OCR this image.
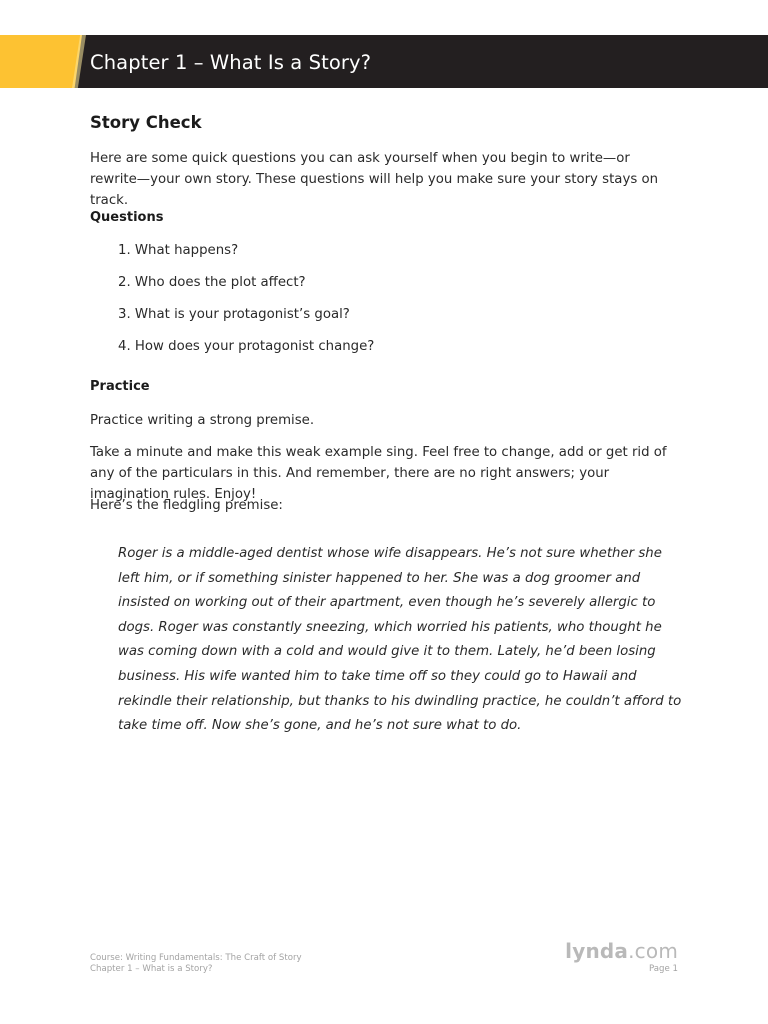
Chapter 1 – What Is a Story?
Story Check

Here are some quick questions you can ask yourself when you begin to write—or rewrite—your own story. These questions will help you make sure your story stays on track.

Questions
1. What happens?
2. Who does the plot affect?
3. What is your protagonist’s goal?
4. How does your protagonist change?
Practice

Practice writing a strong premise.

Take a minute and make this weak example sing. Feel free to change, add or get rid of any of the particulars in this. And remember, there are no right answers; your imagination rules. Enjoy!

Here’s the fledgling premise:

Roger is a middle-aged dentist whose wife disappears. He’s not sure whether she left him, or if something sinister happened to her. She was a dog groomer and insisted on working out of their apartment, even though he’s severely allergic to dogs. Roger was constantly sneezing, which worried his patients, who thought he was coming down with a cold and would give it to them. Lately, he’d been losing business. His wife wanted him to take time off so they could go to Hawaii and rekindle their relationship, but thanks to his dwindling practice, he couldn’t afford to take time off. Now she’s gone, and he’s not sure what to do.

Course: Writing Fundamentals: The Craft of Story
Chapter 1 – What is a Story?
lynda.com
Page 1
